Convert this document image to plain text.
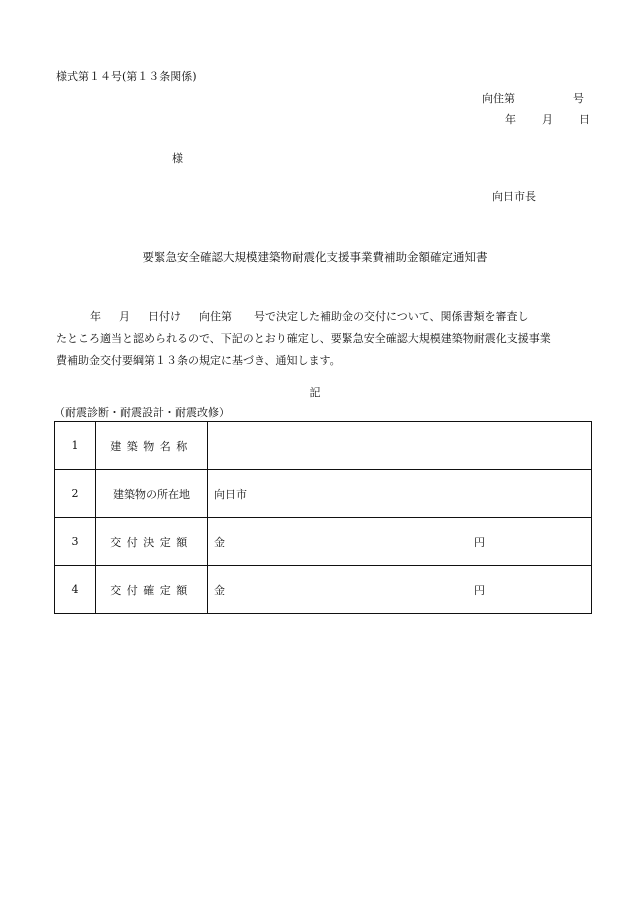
様式第１４号(第１３条関係)
向住第	号
年 月 日
様
向日市長
要緊急安全確認大規模建築物耐震化支援事業費補助金額確定通知書
年 月 日付け 向住第 号で決定した補助金の交付について、関係書類を審査し
たところ適当と認められるので、下記のとおり確定し、要緊急安全確認大規模建築物耐震化支援事業
費補助金交付要綱第１３条の規定に基づき、通知します。
記
（耐震診断・耐震設計・耐震改修）
1	建築物名称	
2	建築物の所在地	向日市
3	交付決定額	金 円

4	交付確定額	金 円
